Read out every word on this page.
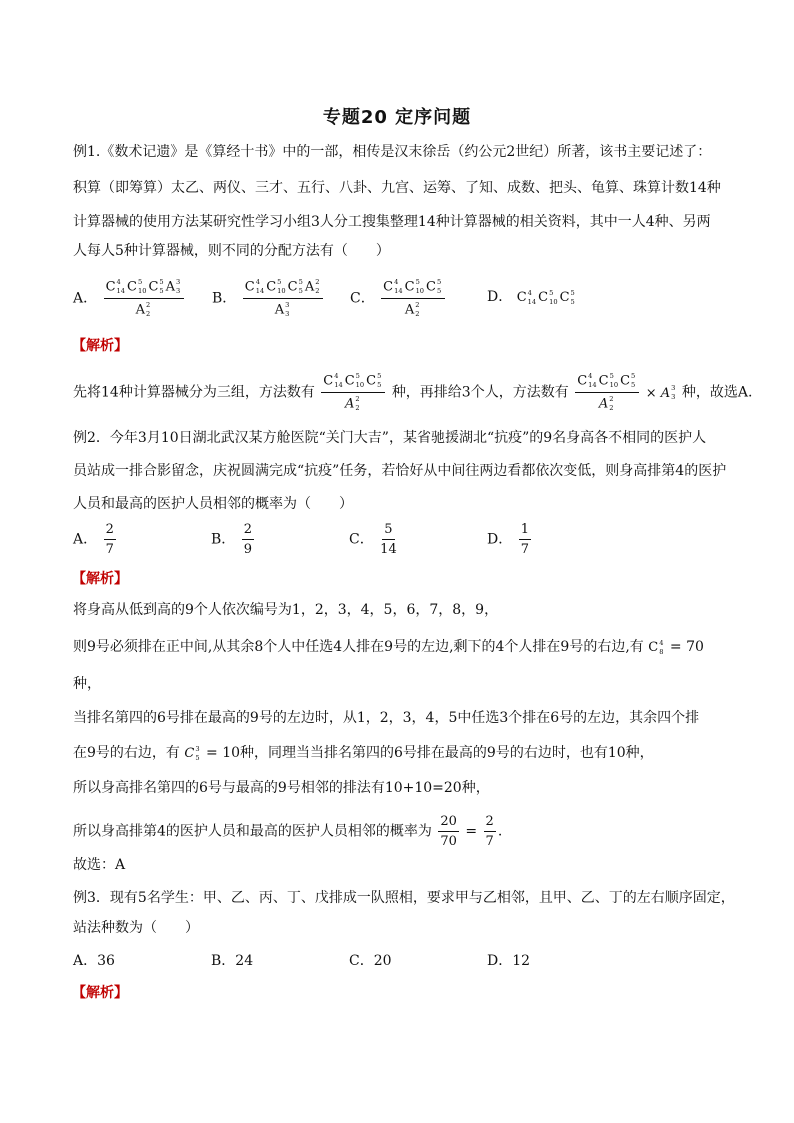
专题20 定序问题
例1.《数术记遗》是《算经十书》中的一部，相传是汉末徐岳（约公元2世纪）所著，该书主要记述了：
积算（即筹算）太乙、两仪、三才、五行、八卦、九宫、运筹、了知、成数、把头、龟算、珠算计数14种
计算器械的使用方法某研究性学习小组3人分工搜集整理14种计算器械的相关资料，其中一人4种、另两
人每人5种计算器械，则不同的分配方法有（　　）
A． C 4
14 C 5
10 C 5
5 A 3
3
A 2
2 B． C 4
14 C 5
10 C 5
5 A 2
2
A 3
3 C． C 4
14 C 5
10 C 5
5
A 2
2	D． C 4
14 C 5
10 C 5
5
【解析】
先将14种计算器械分为三组，方法数有 C 4
14 C 5
10 C 5
5
A 2
2 种，再排给3个人，方法数有 C 4
14 C 5
10 C 5
5
A 2
2 × A 3
3 种，故选A.
例2．今年3月10日湖北武汉某方舱医院“关门大吉”，某省驰援湖北“抗疫”的9名身高各不相同的医护人
员站成一排合影留念，庆祝圆满完成“抗疫”任务，若恰好从中间往两边看都依次变低，则身高排第4的医护
人员和最高的医护人员相邻的概率为（　　）
A． $\frac{2}{7}$	B． $\frac{2}{9}$	C． $\frac{5}{14}$	D． $\frac{1}{7}$
【解析】
将身高从低到高的9个人依次编号为1，2，3，4，5，6，7，8，9，
则9号必须排在正中间,从其余8个人中任选4人排在9号的左边,剩下的4个人排在9号的右边,有 C 4
8 = 70
种，
当排名第四的6号排在最高的9号的左边时，从1，2，3，4，5中任选3个排在6号的左边，其余四个排
在9号的右边，有 C 3
5 = 10种，同理当当排名第四的6号排在最高的9号的右边时，也有10种，
所以身高排名第四的6号与最高的9号相邻的排法有10+10=20种，
所以身高排第4的医护人员和最高的医护人员相邻的概率为 $\frac{20}{70} = \frac{2}{7}$ .
故选：A
例3．现有5名学生：甲、乙、丙、丁、戊排成一队照相，要求甲与乙相邻，且甲、乙、丁的左右顺序固定，
站法种数为（　　）
A．36	B．24	C．20	D．12
【解析】
